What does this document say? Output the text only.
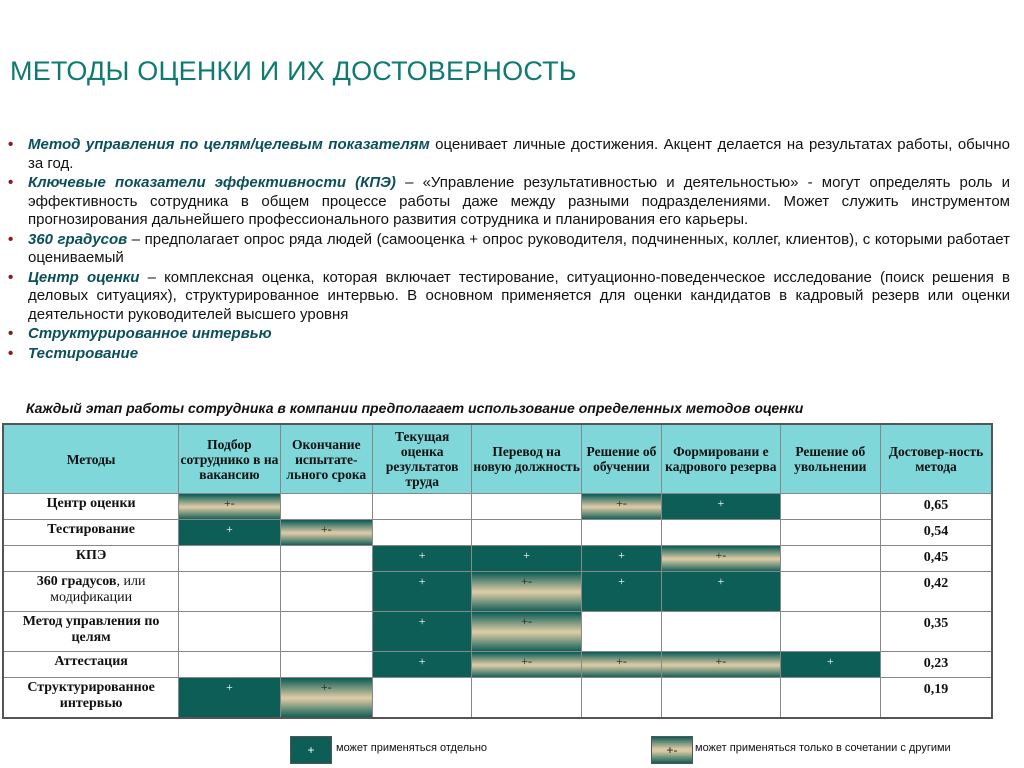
МЕТОДЫ ОЦЕНКИ И ИХ ДОСТОВЕРНОСТЬ
• Метод управления по целям/целевым показателям оценивает личные достижения. Акцент делается на результатах работы, обычно за год.
• Ключевые показатели эффективности (КПЭ) – «Управление результативностью и деятельностью» - могут определять роль и эффективность сотрудника в общем процессе работы даже между разными подразделениями. Может служить инструментом прогнозирования дальнейшего профессионального развития сотрудника и планирования его карьеры.
• 360 градусов – предполагает опрос ряда людей (самооценка + опрос руководителя, подчиненных, коллег, клиентов), с которыми работает оцениваемый
• Центр оценки – комплексная оценка, которая включает тестирование, ситуационно-поведенческое исследование (поиск решения в деловых ситуациях), структурированное интервью. В основном применяется для оценки кандидатов в кадровый резерв или оценки деятельности руководителей высшего уровня
• Структурированное интервью
• Тестирование
Каждый этап работы сотрудника в компании предполагает использование определенных методов оценки
Методы	Подбор сотруднико в на вакансию	Окончание испытате-льного срока	Текущая оценка результатов труда	Перевод на новую должность	Решение об обучении	Формировани е кадрового резерва	Решение об увольнении	Достовер-ность метода
Центр оценки	+-				+-	+		0,65
Тестирование	+	+-						0,54
КПЭ			+	+	+	+-		0,45
360 градусов, или модификации			+	+-	+	+		0,42
Метод управления по целям			+	+-				0,35
Аттестация			+	+-	+-	+-	+	0,23
Структурированное интервью	+	+-						0,19
+	может применяться отдельно	+-	может применяться только в сочетании с другими
